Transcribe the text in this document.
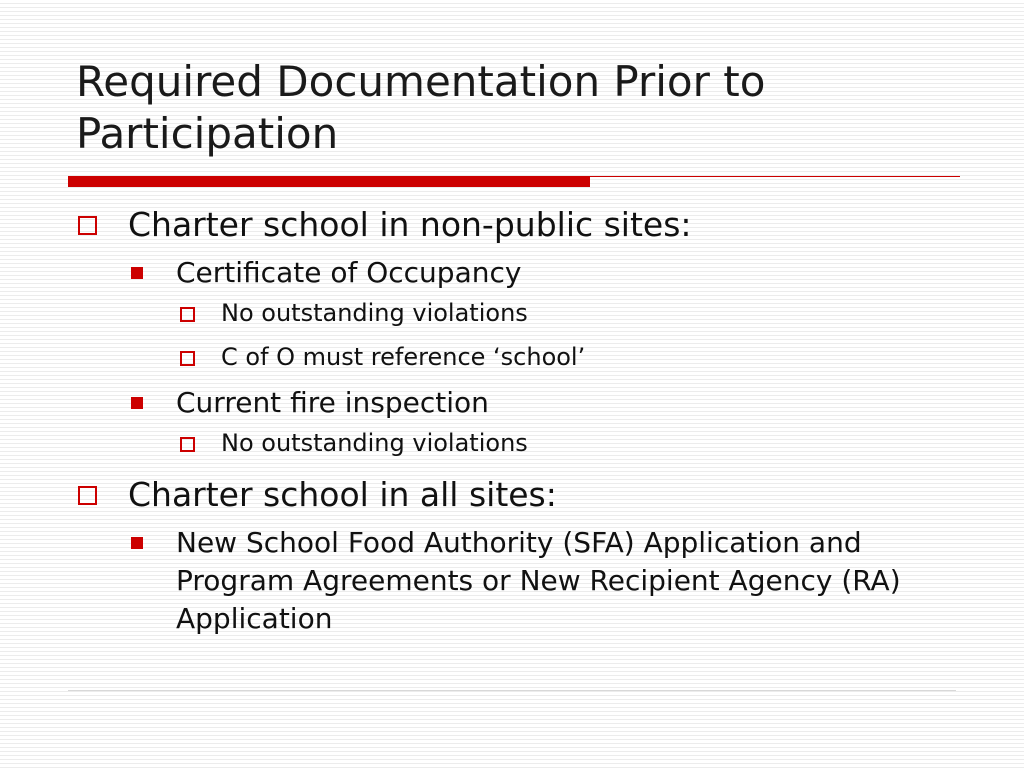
Required Documentation Prior to Participation
Charter school in non-public sites:
Certificate of Occupancy
No outstanding violations
C of O must reference ‘school’
Current fire inspection
No outstanding violations
Charter school in all sites:
New School Food Authority (SFA) Application and Program Agreements or New Recipient Agency (RA) Application
